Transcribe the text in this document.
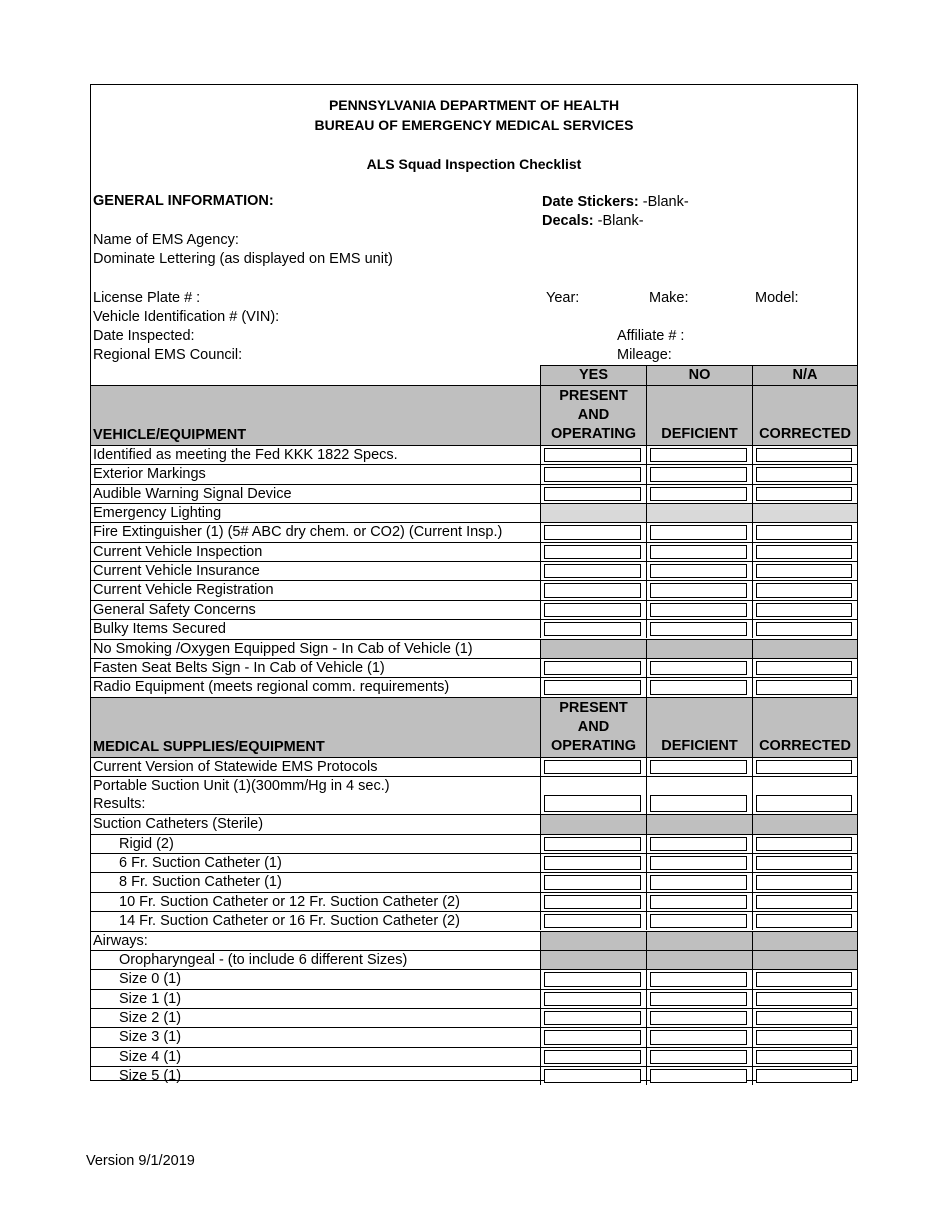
PENNSYLVANIA DEPARTMENT OF HEALTH
BUREAU OF EMERGENCY MEDICAL SERVICES
ALS Squad Inspection Checklist
GENERAL INFORMATION:	Date Stickers: -Blank-
Decals: -Blank-
Name of EMS Agency:
Dominate Lettering (as displayed on EMS unit)
License Plate # :	Year:	Make:	Model:
Vehicle Identification # (VIN):
Date Inspected:	Affiliate # :
Regional EMS Council:	Mileage:
YES	NO	N/A
VEHICLE/EQUIPMENT
PRESENT
AND
OPERATING	DEFICIENT	CORRECTED
Identified as meeting the Fed KKK 1822 Specs.
Exterior Markings
Audible Warning Signal Device
Emergency Lighting
Fire Extinguisher (1) (5# ABC dry chem. or CO2) (Current Insp.)
Current Vehicle Inspection
Current Vehicle Insurance
Current Vehicle Registration
General Safety Concerns
Bulky Items Secured
No Smoking /Oxygen Equipped Sign - In Cab of Vehicle (1)
Fasten Seat Belts Sign - In Cab of Vehicle (1)
Radio Equipment (meets regional comm. requirements)
MEDICAL SUPPLIES/EQUIPMENT
PRESENT
AND
OPERATING	DEFICIENT	CORRECTED
Current Version of Statewide EMS Protocols
Portable Suction Unit (1)(300mm/Hg in 4 sec.)
Results:
Suction Catheters (Sterile)
Rigid (2)
6 Fr. Suction Catheter (1)
8 Fr. Suction Catheter (1)
10 Fr. Suction Catheter or 12 Fr. Suction Catheter (2)
14 Fr. Suction Catheter or 16 Fr. Suction Catheter (2)
Airways:
Oropharyngeal - (to include 6 different Sizes)
Size 0 (1)
Size 1 (1)
Size 2 (1)
Size 3 (1)
Size 4 (1)
Size 5 (1)
Version 9/1/2019
